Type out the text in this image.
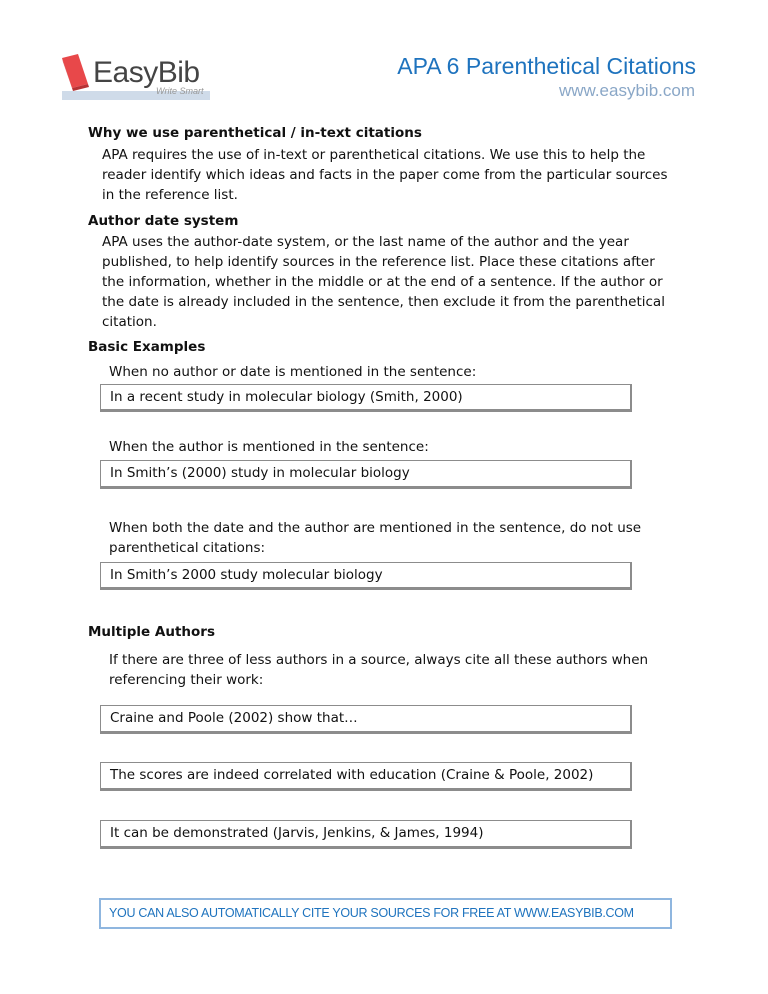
EasyBib
Write Smart
APA 6 Parenthetical Citations
www.easybib.com
Why we use parenthetical / in-text citations
APA requires the use of in-text or parenthetical citations. We use this to help the
reader identify which ideas and facts in the paper come from the particular sources
in the reference list.
Author date system
APA uses the author-date system, or the last name of the author and the year
published, to help identify sources in the reference list. Place these citations after
the information, whether in the middle or at the end of a sentence. If the author or
the date is already included in the sentence, then exclude it from the parenthetical
citation.
Basic Examples
When no author or date is mentioned in the sentence:
In a recent study in molecular biology (Smith, 2000)
When the author is mentioned in the sentence:
In Smith’s (2000) study in molecular biology
When both the date and the author are mentioned in the sentence, do not use
parenthetical citations:
In Smith’s 2000 study molecular biology
Multiple Authors
If there are three of less authors in a source, always cite all these authors when
referencing their work:
Craine and Poole (2002) show that…
The scores are indeed correlated with education (Craine & Poole, 2002)
It can be demonstrated (Jarvis, Jenkins, & James, 1994)
YOU CAN ALSO AUTOMATICALLY CITE YOUR SOURCES FOR FREE AT WWW.EASYBIB.COM
